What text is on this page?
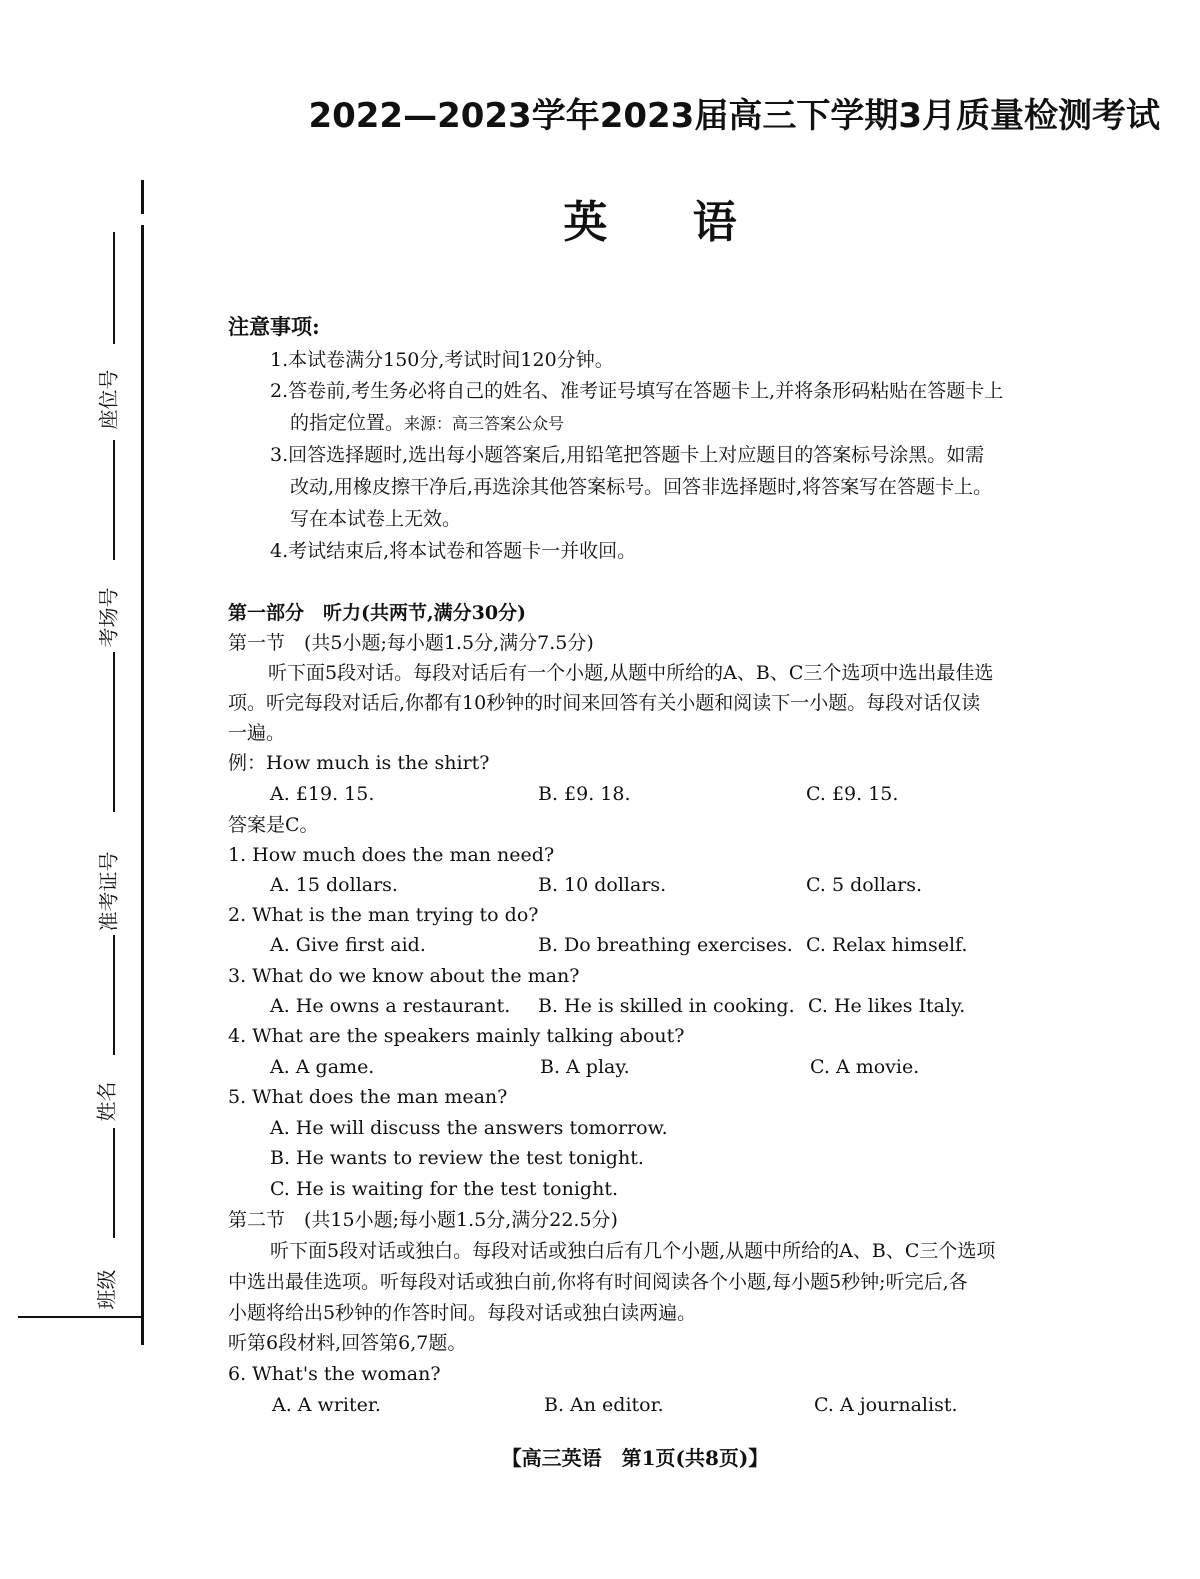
座位号
考场号
准考证号
姓名
班级
2022—2023学年2023届高三下学期3月质量检测考试
英 语
注意事项:
1.本试卷满分150分,考试时间120分钟。
2.答卷前,考生务必将自己的姓名、准考证号填写在答题卡上,并将条形码粘贴在答题卡上
的指定位置。来源：高三答案公众号
3.回答选择题时,选出每小题答案后,用铅笔把答题卡上对应题目的答案标号涂黑。如需
改动,用橡皮擦干净后,再选涂其他答案标号。回答非选择题时,将答案写在答题卡上。
写在本试卷上无效。
4.考试结束后,将本试卷和答题卡一并收回。
第一部分　听力(共两节,满分30分)
第一节　(共5小题;每小题1.5分,满分7.5分)
听下面5段对话。每段对话后有一个小题,从题中所给的A、B、C三个选项中选出最佳选
项。听完每段对话后,你都有10秒钟的时间来回答有关小题和阅读下一小题。每段对话仅读
一遍。
例：How much is the shirt?
A. £19. 15.	B. £9. 18.	C. £9. 15.
答案是C。
1. How much does the man need?
A. 15 dollars.	B. 10 dollars.	C. 5 dollars.
2. What is the man trying to do?
A. Give first aid.	B. Do breathing exercises. C. Relax himself.
3. What do we know about the man?
A. He owns a restaurant. B. He is skilled in cooking. C. He likes Italy.
4. What are the speakers mainly talking about?
A. A game.	B. A play.	C. A movie.
5. What does the man mean?
A. He will discuss the answers tomorrow.
B. He wants to review the test tonight.
C. He is waiting for the test tonight.
第二节　(共15小题;每小题1.5分,满分22.5分)
听下面5段对话或独白。每段对话或独白后有几个小题,从题中所给的A、B、C三个选项
中选出最佳选项。听每段对话或独白前,你将有时间阅读各个小题,每小题5秒钟;听完后,各
小题将给出5秒钟的作答时间。每段对话或独白读两遍。
听第6段材料,回答第6,7题。
6. What's the woman?
A. A writer.	B. An editor.	C. A journalist.
【高三英语　第1页(共8页)】
